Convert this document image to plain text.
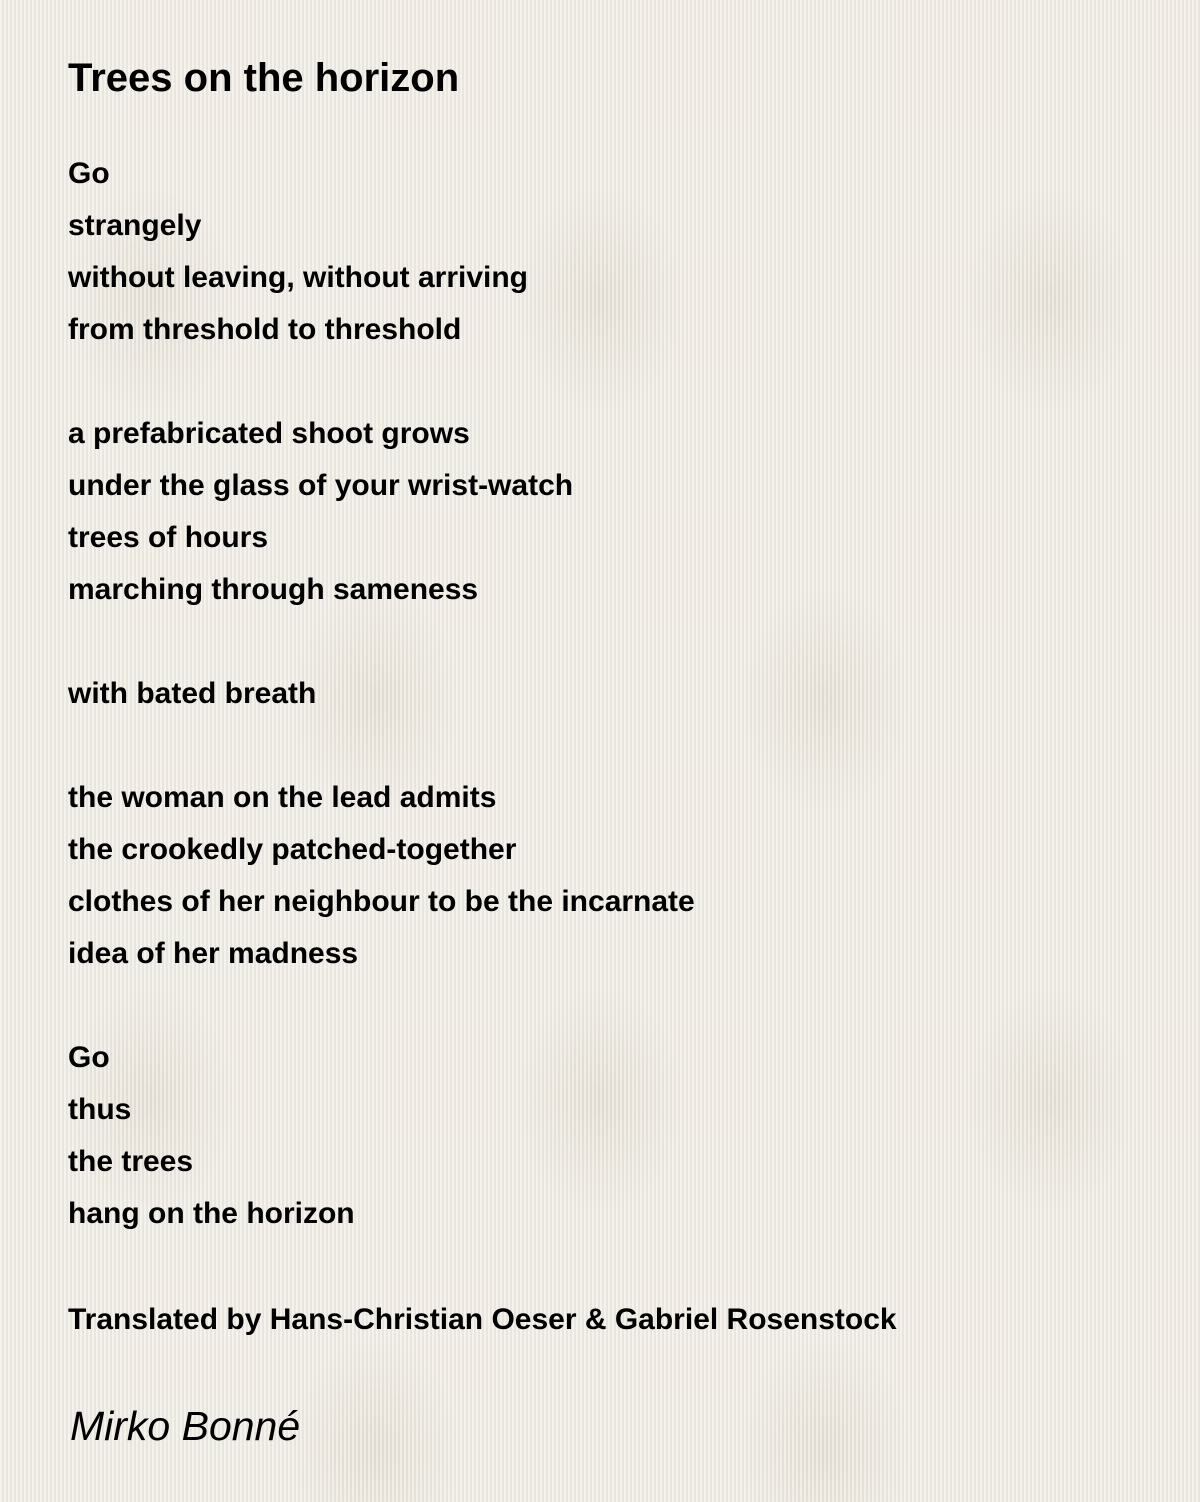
Trees on the horizon
Go
strangely
without leaving, without arriving
from threshold to threshold
a prefabricated shoot grows
under the glass of your wrist-watch
trees of hours
marching through sameness
with bated breath
the woman on the lead admits
the crookedly patched-together
clothes of her neighbour to be the incarnate
idea of her madness
Go
thus
the trees
hang on the horizon

Translated by Hans-Christian Oeser & Gabriel Rosenstock

Mirko Bonné
